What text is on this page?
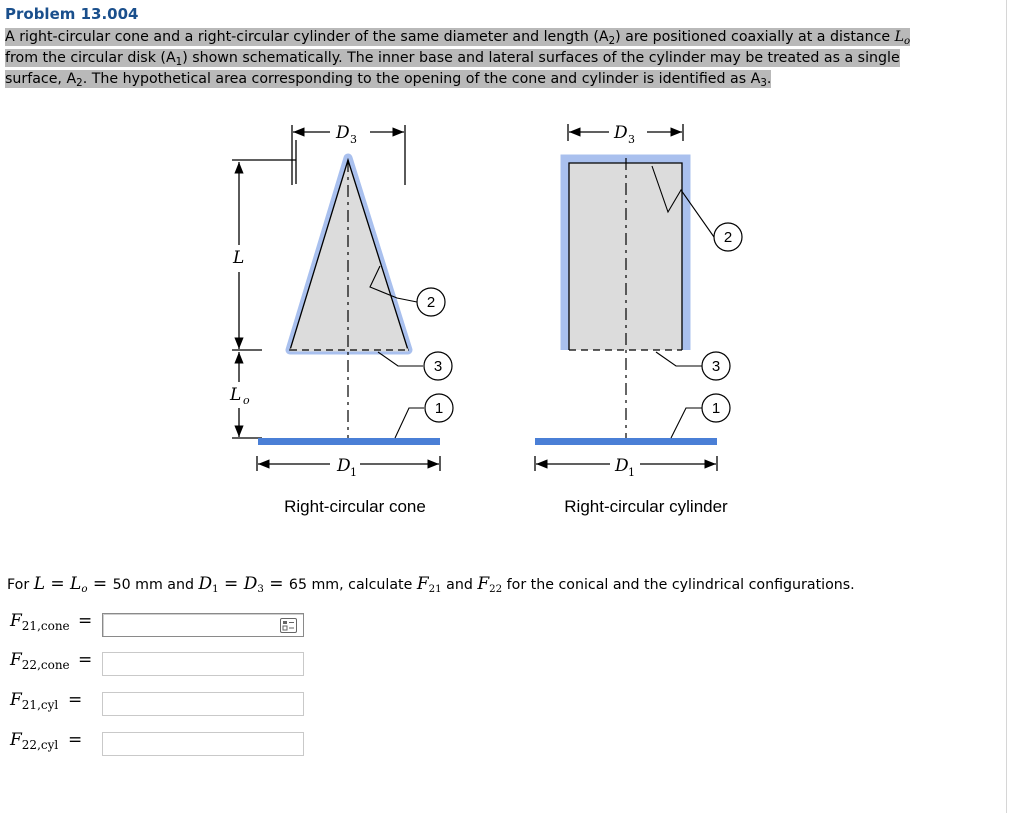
Problem 13.004
A right-circular cone and a right-circular cylinder of the same diameter and length $(A_2)$ are positioned coaxially at a distance $L_o$
from the circular disk $(A_1)$ shown schematically. The inner base and lateral surfaces of the cylinder may be treated as a single
surface, $A_2$. The hypothetical area corresponding to the opening of the cone and cylinder is identified as $A_3$.
D 3
L
L o
D 1
2
3
1
Right-circular cone
D 3
D 1
2
3
1
Right-circular cylinder
For $L = L_o = 50$ mm and $D_1 = D_3 = 65$ mm, calculate $F_{21}$ and $F_{22}$ for the conical and the cylindrical configurations.
$F_{21,cone}$ =
$F_{22,cone}$ =
$F_{21,cyl}$ =
$F_{22,cyl}$ =
